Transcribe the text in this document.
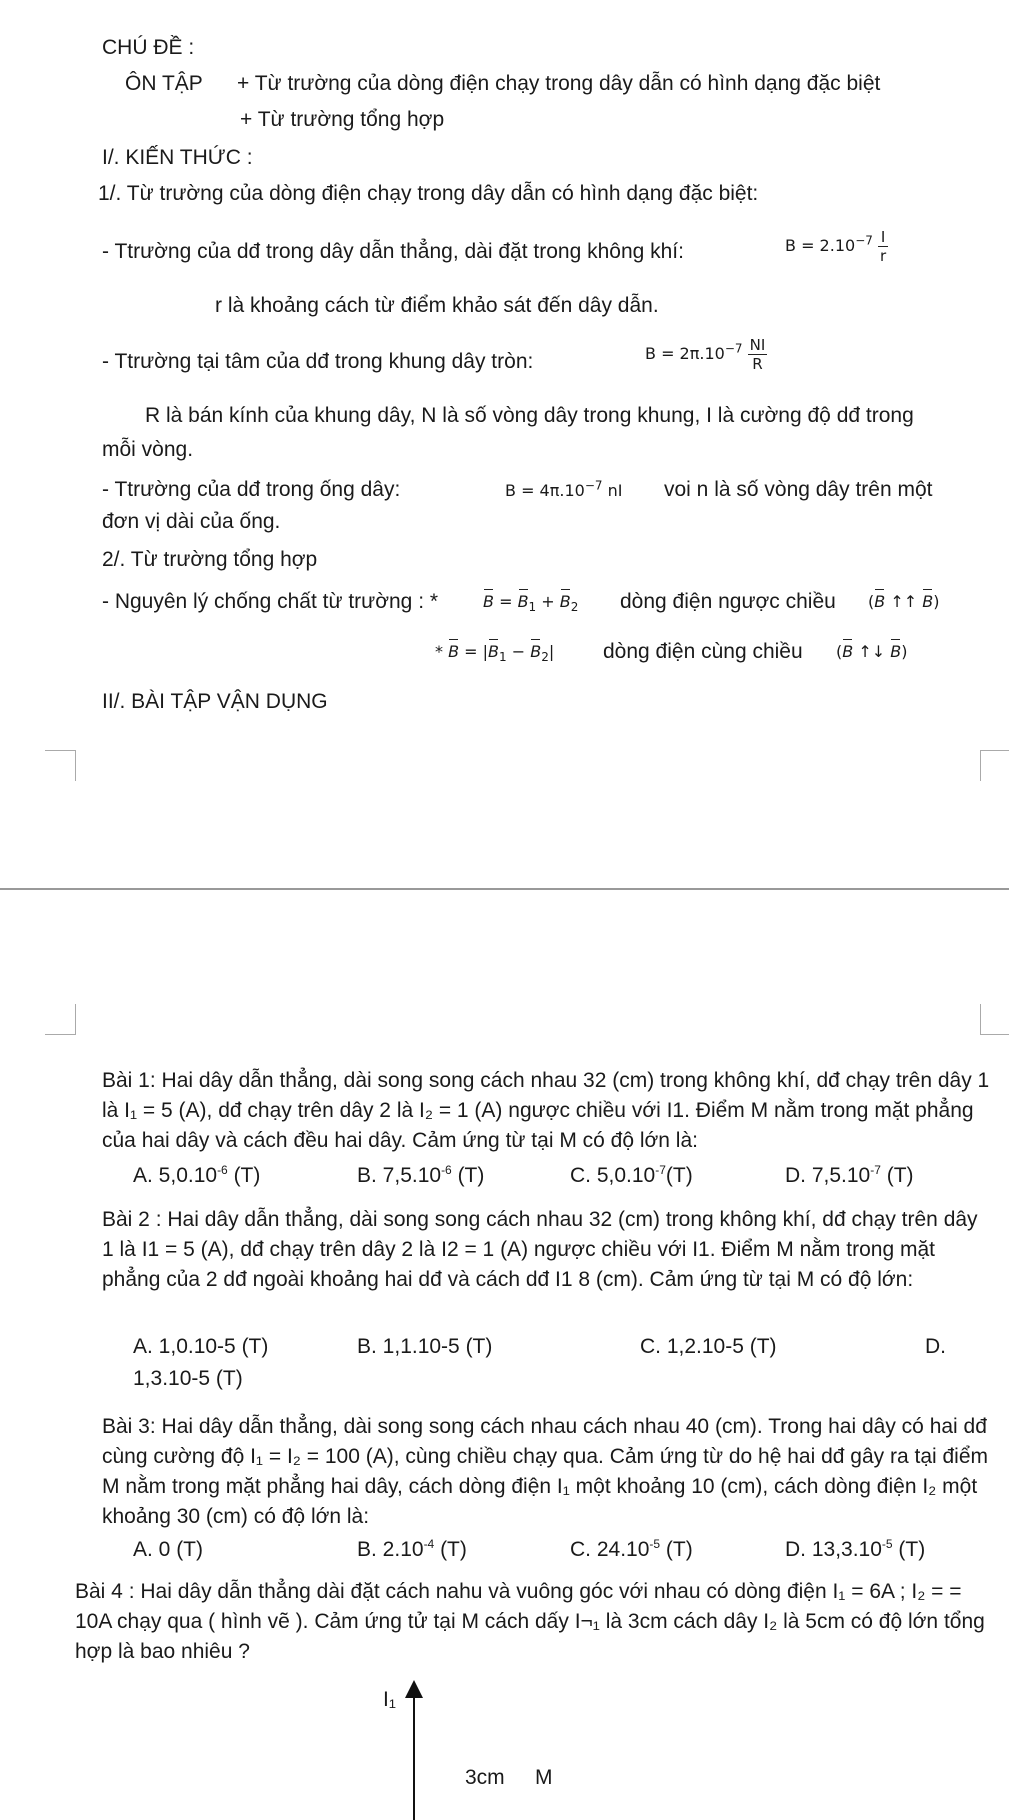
CHÚ ĐỀ :
ÔN TẬP + Từ trường của dòng điện chạy trong dây dẫn có hình dạng đặc biệt
+ Từ trường tổng hợp
I/. KIẾN THỨC :
1/. Từ trường của dòng điện chạy trong dây dẫn có hình dạng đặc biệt:
- Ttrường của dđ trong dây dẫn thẳng, dài đặt trong không khí:	$B = 2.10^{-7} \frac{I}{r}$
r là khoảng cách từ điểm khảo sát đến dây dẫn.
- Ttrường tại tâm của dđ trong khung dây tròn:	$B = 2\pi.10^{-7} \frac{NI}{R}$
R là bán kính của khung dây, N là số vòng dây trong khung, I là cường độ dđ trong
mỗi vòng.
- Ttrường của dđ trong ống dây:	$B = 4\pi.10^{-7}$ nI voi n là số vòng dây trên một
đơn vị dài của ống.
2/. Từ trường tổng hợp
- Nguyên lý chống chất từ trường : *	$B = B_1 + B_2$ dòng điện ngược chiều (B ↑↑ B)
* $B = |B_1 - B_2|$ dòng điện cùng chiều (B ↑↓ B)
II/. BÀI TẬP VẬN DỤNG
Bài 1: Hai dây dẫn thẳng, dài song song cách nhau 32 (cm) trong không khí, dđ chạy trên dây 1 là I₁ = 5 (A), dđ chạy trên dây 2 là I₂ = 1 (A) ngược chiều với I1. Điểm M nằm trong mặt phẳng của hai dây và cách đều hai dây. Cảm ứng từ tại M có độ lớn là:
A. $5,0.10^{-6}$ (T)	B. $7,5.10^{-6}$ (T)	C. $5,0.10^{-7}(T)$	D. $7,5.10^{-7}$ (T)
Bài 2 : Hai dây dẫn thẳng, dài song song cách nhau 32 (cm) trong không khí, dđ chạy trên dây 1 là I1 = 5 (A), dđ chạy trên dây 2 là I2 = 1 (A) ngược chiều với I1. Điểm M nằm trong mặt phẳng của 2 dđ ngoài khoảng hai dđ và cách dđ I1 8 (cm). Cảm ứng từ tại M có độ lớn:
A. 1,0.10-5 (T)	B. 1,1.10-5 (T)	C. 1,2.10-5 (T)	D.
1,3.10-5 (T)
Bài 3: Hai dây dẫn thẳng, dài song song cách nhau cách nhau 40 (cm). Trong hai dây có hai dđ cùng cường độ I₁ = I₂ = 100 (A), cùng chiều chạy qua. Cảm ứng từ do hệ hai dđ gây ra tại điểm M nằm trong mặt phẳng hai dây, cách dòng điện I₁ một khoảng 10 (cm), cách dòng điện I₂ một khoảng 30 (cm) có độ lớn là:
A. 0 (T)	B. $2.10^{-4}$ (T)	C. $24.10^{-5}$ (T)	D. $13,3.10^{-5}$ (T)
Bài 4 : Hai dây dẫn thẳng dài đặt cách nahu và vuông góc với nhau có dòng điện I₁ = 6A ; I₂ = = 10A chạy qua ( hình vẽ ). Cảm ứng tử tại M cách dấy I¬₁ là 3cm cách dây I₂ là 5cm có độ lớn tổng hợp là bao nhiêu ?
I₁
3cm M
